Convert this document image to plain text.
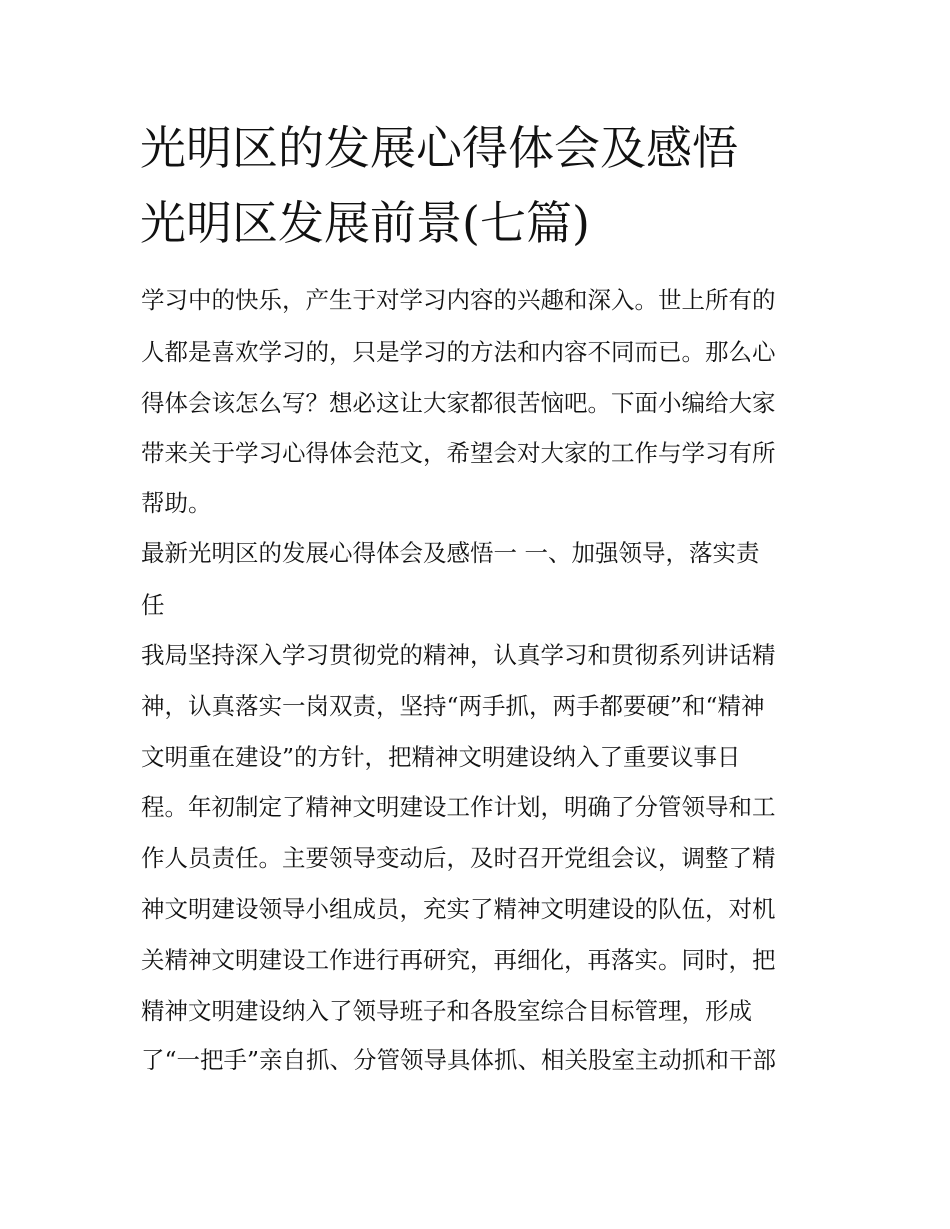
光明区的发展心得体会及感悟
光明区发展前景(七篇)
学习中的快乐，产生于对学习内容的兴趣和深入。世上所有的
人都是喜欢学习的，只是学习的方法和内容不同而已。那么心
得体会该怎么写？想必这让大家都很苦恼吧。下面小编给大家
带来关于学习心得体会范文，希望会对大家的工作与学习有所
帮助。
最新光明区的发展心得体会及感悟一 一、加强领导，落实责
任
我局坚持深入学习贯彻党的精神，认真学习和贯彻系列讲话精
神，认真落实一岗双责，坚持“两手抓，两手都要硬”和“精神
文明重在建设”的方针，把精神文明建设纳入了重要议事日
程。年初制定了精神文明建设工作计划，明确了分管领导和工
作人员责任。主要领导变动后，及时召开党组会议，调整了精
神文明建设领导小组成员，充实了精神文明建设的队伍，对机
关精神文明建设工作进行再研究，再细化，再落实。同时，把
精神文明建设纳入了领导班子和各股室综合目标管理，形成
了“一把手”亲自抓、分管领导具体抓、相关股室主动抓和干部
